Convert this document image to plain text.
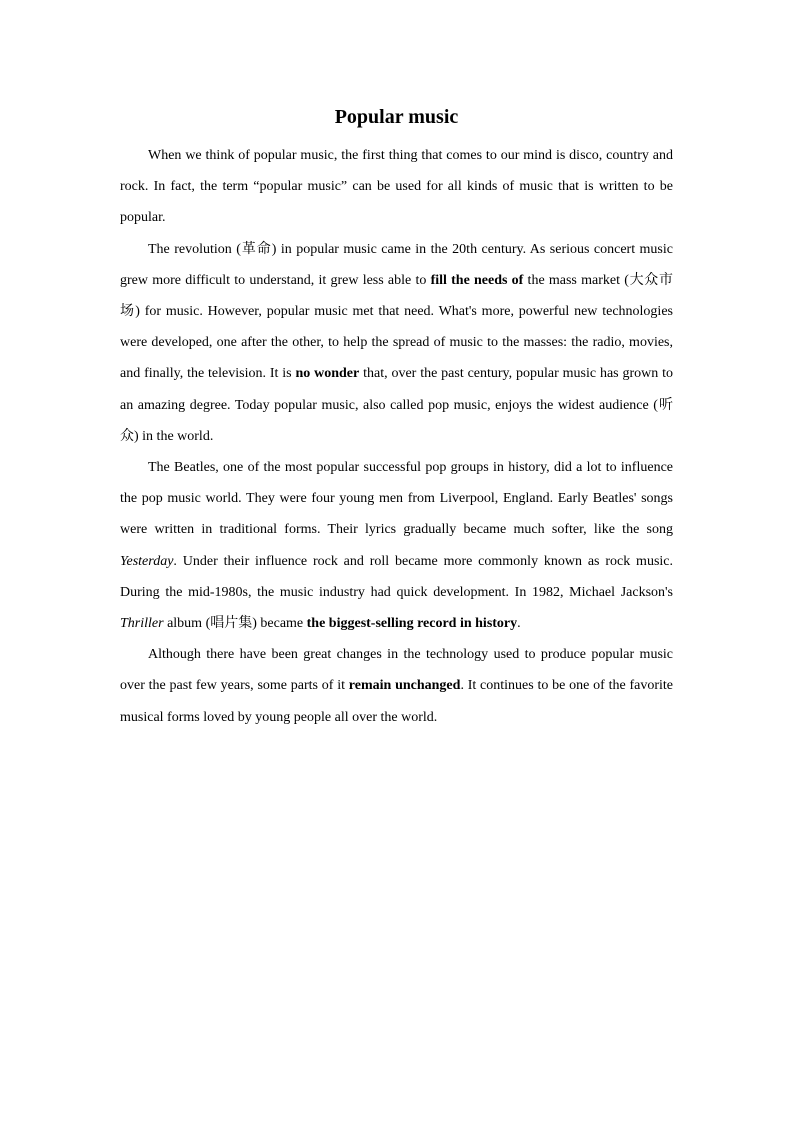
Popular music

When we think of popular music, the first thing that comes to our mind is disco, country and rock. In fact, the term “popular music” can be used for all kinds of music that is written to be popular.

The revolution (革命) in popular music came in the 20th century. As serious concert music grew more difficult to understand, it grew less able to fill the needs of the mass market (大众市场) for music. However, popular music met that need. What's more, powerful new technologies were developed, one after the other, to help the spread of music to the masses: the radio, movies, and finally, the television. It is no wonder that, over the past century, popular music has grown to an amazing degree. Today popular music, also called pop music, enjoys the widest audience (听众) in the world.

The Beatles, one of the most popular successful pop groups in history, did a lot to influence the pop music world. They were four young men from Liverpool, England. Early Beatles' songs were written in traditional forms. Their lyrics gradually became much softer, like the song Yesterday. Under their influence rock and roll became more commonly known as rock music. During the mid-1980s, the music industry had quick development. In 1982, Michael Jackson's Thriller album (唱片集) became the biggest-selling record in history.

Although there have been great changes in the technology used to produce popular music over the past few years, some parts of it remain unchanged. It continues to be one of the favorite musical forms loved by young people all over the world.
